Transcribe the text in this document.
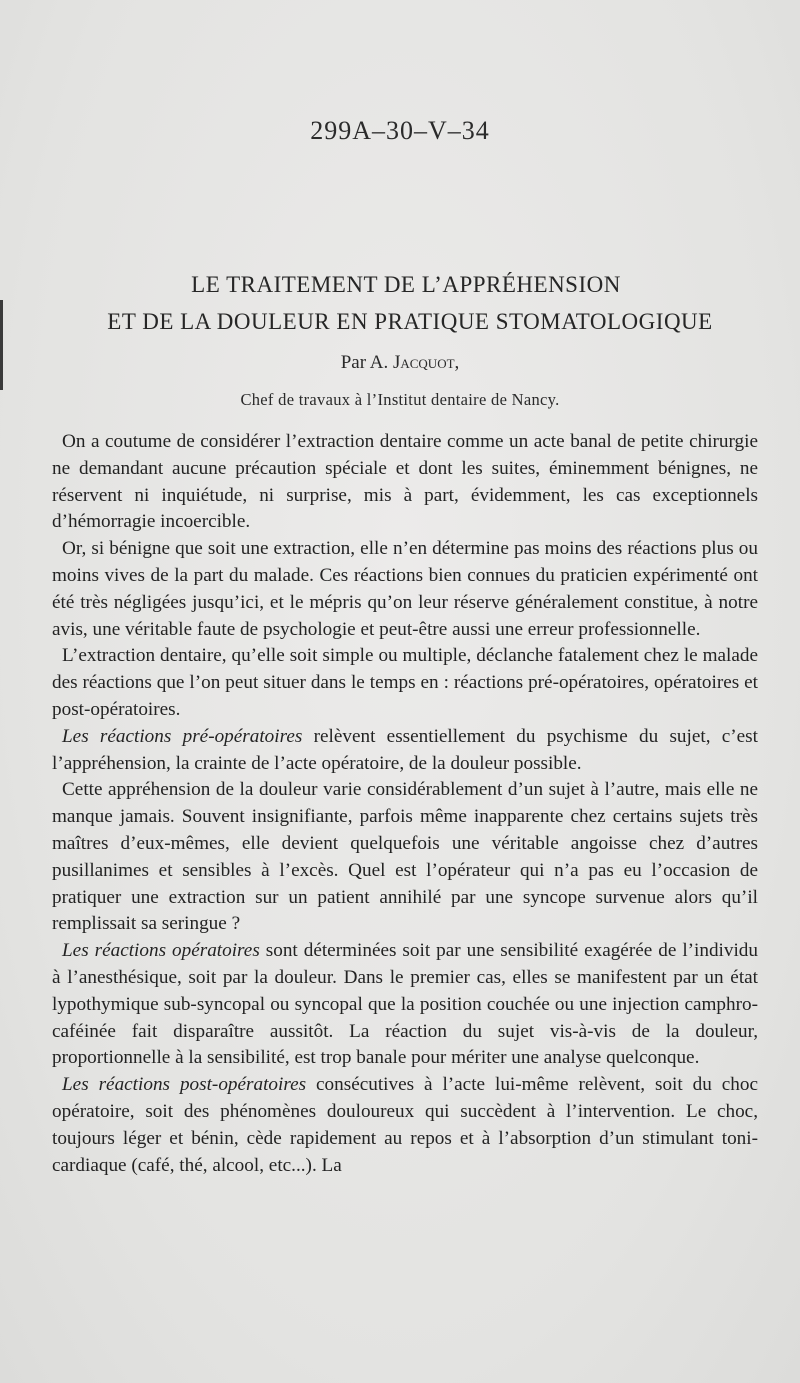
299A–30–V–34
LE TRAITEMENT DE L’APPRÉHENSION
ET DE LA DOULEUR EN PRATIQUE STOMATOLOGIQUE
Par A. Jacquot,
Chef de travaux à l’Institut dentaire de Nancy.

On a coutume de considérer l’extraction dentaire comme un acte banal de petite chirurgie ne demandant aucune précaution spéciale et dont les suites, éminemment bénignes, ne réservent ni inquiétude, ni surprise, mis à part, évidemment, les cas exceptionnels d’hémorragie incoercible.

Or, si bénigne que soit une extraction, elle n’en détermine pas moins des réactions plus ou moins vives de la part du malade. Ces réactions bien connues du praticien expérimenté ont été très négligées jusqu’ici, et le mépris qu’on leur réserve généralement constitue, à notre avis, une véritable faute de psychologie et peut-être aussi une erreur professionnelle.

L’extraction dentaire, qu’elle soit simple ou multiple, déclanche fatalement chez le malade des réactions que l’on peut situer dans le temps en : réactions pré-opératoires, opératoires et post-opératoires.

Les réactions pré-opératoires relèvent essentiellement du psychisme du sujet, c’est l’appréhension, la crainte de l’acte opératoire, de la douleur possible.

Cette appréhension de la douleur varie considérablement d’un sujet à l’autre, mais elle ne manque jamais. Souvent insignifiante, parfois même inapparente chez certains sujets très maîtres d’eux-mêmes, elle devient quelquefois une véritable angoisse chez d’autres pusillanimes et sensibles à l’excès. Quel est l’opérateur qui n’a pas eu l’occasion de pratiquer une extraction sur un patient annihilé par une syncope survenue alors qu’il remplissait sa seringue ?

Les réactions opératoires sont déterminées soit par une sensibilité exagérée de l’individu à l’anesthésique, soit par la douleur. Dans le premier cas, elles se manifestent par un état lypothymique sub-syncopal ou syncopal que la position couchée ou une injection camphro-caféinée fait disparaître aussitôt. La réaction du sujet vis-à-vis de la douleur, proportionnelle à la sensibilité, est trop banale pour mériter une analyse quelconque.

Les réactions post-opératoires consécutives à l’acte lui-même relèvent, soit du choc opératoire, soit des phénomènes douloureux qui succèdent à l’intervention. Le choc, toujours léger et bénin, cède rapidement au repos et à l’absorption d’un stimulant toni-cardiaque (café, thé, alcool, etc...). La
